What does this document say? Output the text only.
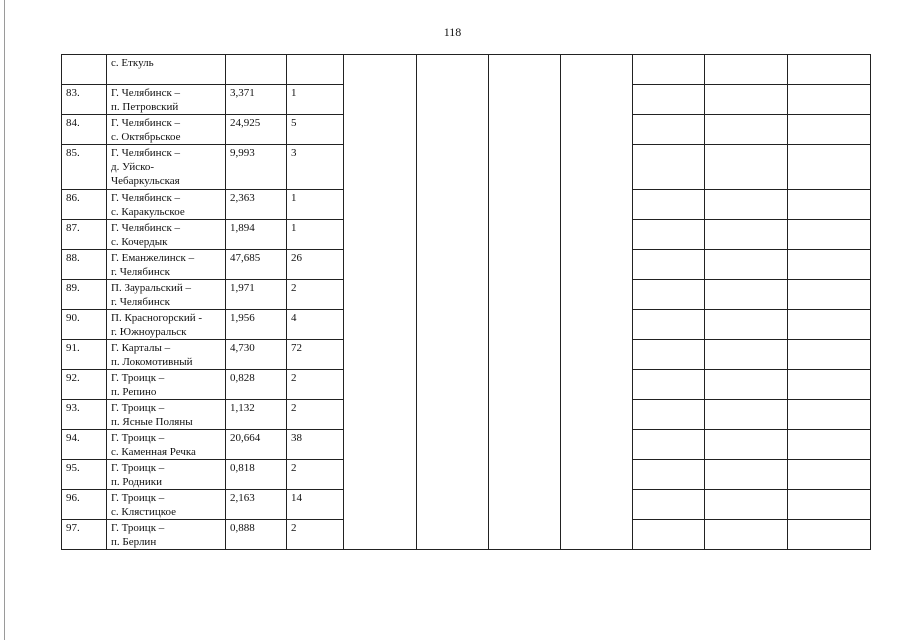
118
	с. Еткуль									
83.	Г. Челябинск –
п. Петровский	3,371	1							
84.	Г. Челябинск –
с. Октябрьское	24,925	5							
85.	Г. Челябинск –
д. Уйско-
Чебаркульская	9,993	3							
86.	Г. Челябинск –
с. Каракульское	2,363	1							
87.	Г. Челябинск –
с. Кочердык	1,894	1							
88.	Г. Еманжелинск –
г. Челябинск	47,685	26							
89.	П. Зауральский –
г. Челябинск	1,971	2							
90.	П. Красногорский -
г. Южноуральск	1,956	4							
91.	Г. Карталы –
п. Локомотивный	4,730	72							
92.	Г. Троицк –
п. Репино	0,828	2							
93.	Г. Троицк –
п. Ясные Поляны	1,132	2							
94.	Г. Троицк –
с. Каменная Речка	20,664	38							
95.	Г. Троицк –
п. Родники	0,818	2							
96.	Г. Троицк –
с. Клястицкое	2,163	14							
97.	Г. Троицк –
п. Берлин	0,888	2							
